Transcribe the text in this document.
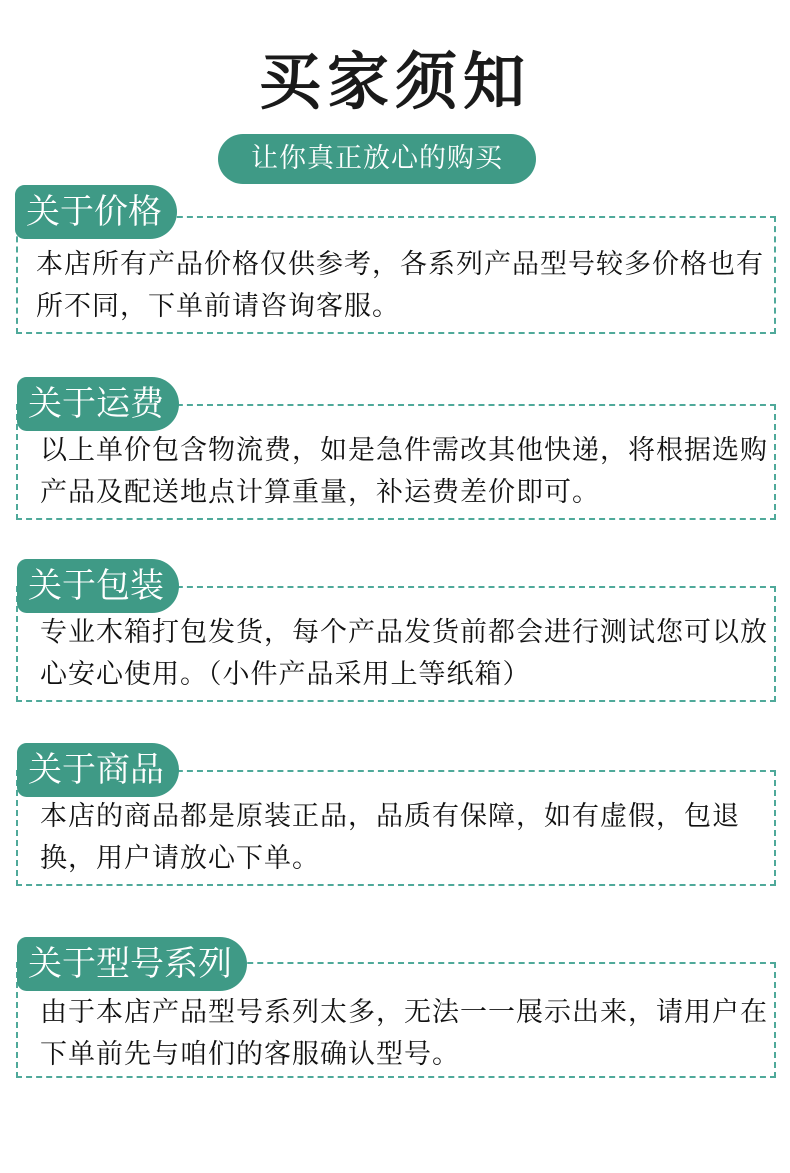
买家须知
让你真正放心的购买
关于价格
本店所有产品价格仅供参考，各系列产品型号较多价格也有所不同，下单前请咨询客服。
关于运费
以上单价包含物流费，如是急件需改其他快递，将根据选购产品及配送地点计算重量，补运费差价即可。
关于包装
专业木箱打包发货，每个产品发货前都会进行测试您可以放心安心使用。（小件产品采用上等纸箱）
关于商品
本店的商品都是原装正品，品质有保障，如有虚假，包退换，用户请放心下单。
关于型号系列
由于本店产品型号系列太多，无法一一展示出来，请用户在下单前先与咱们的客服确认型号。
